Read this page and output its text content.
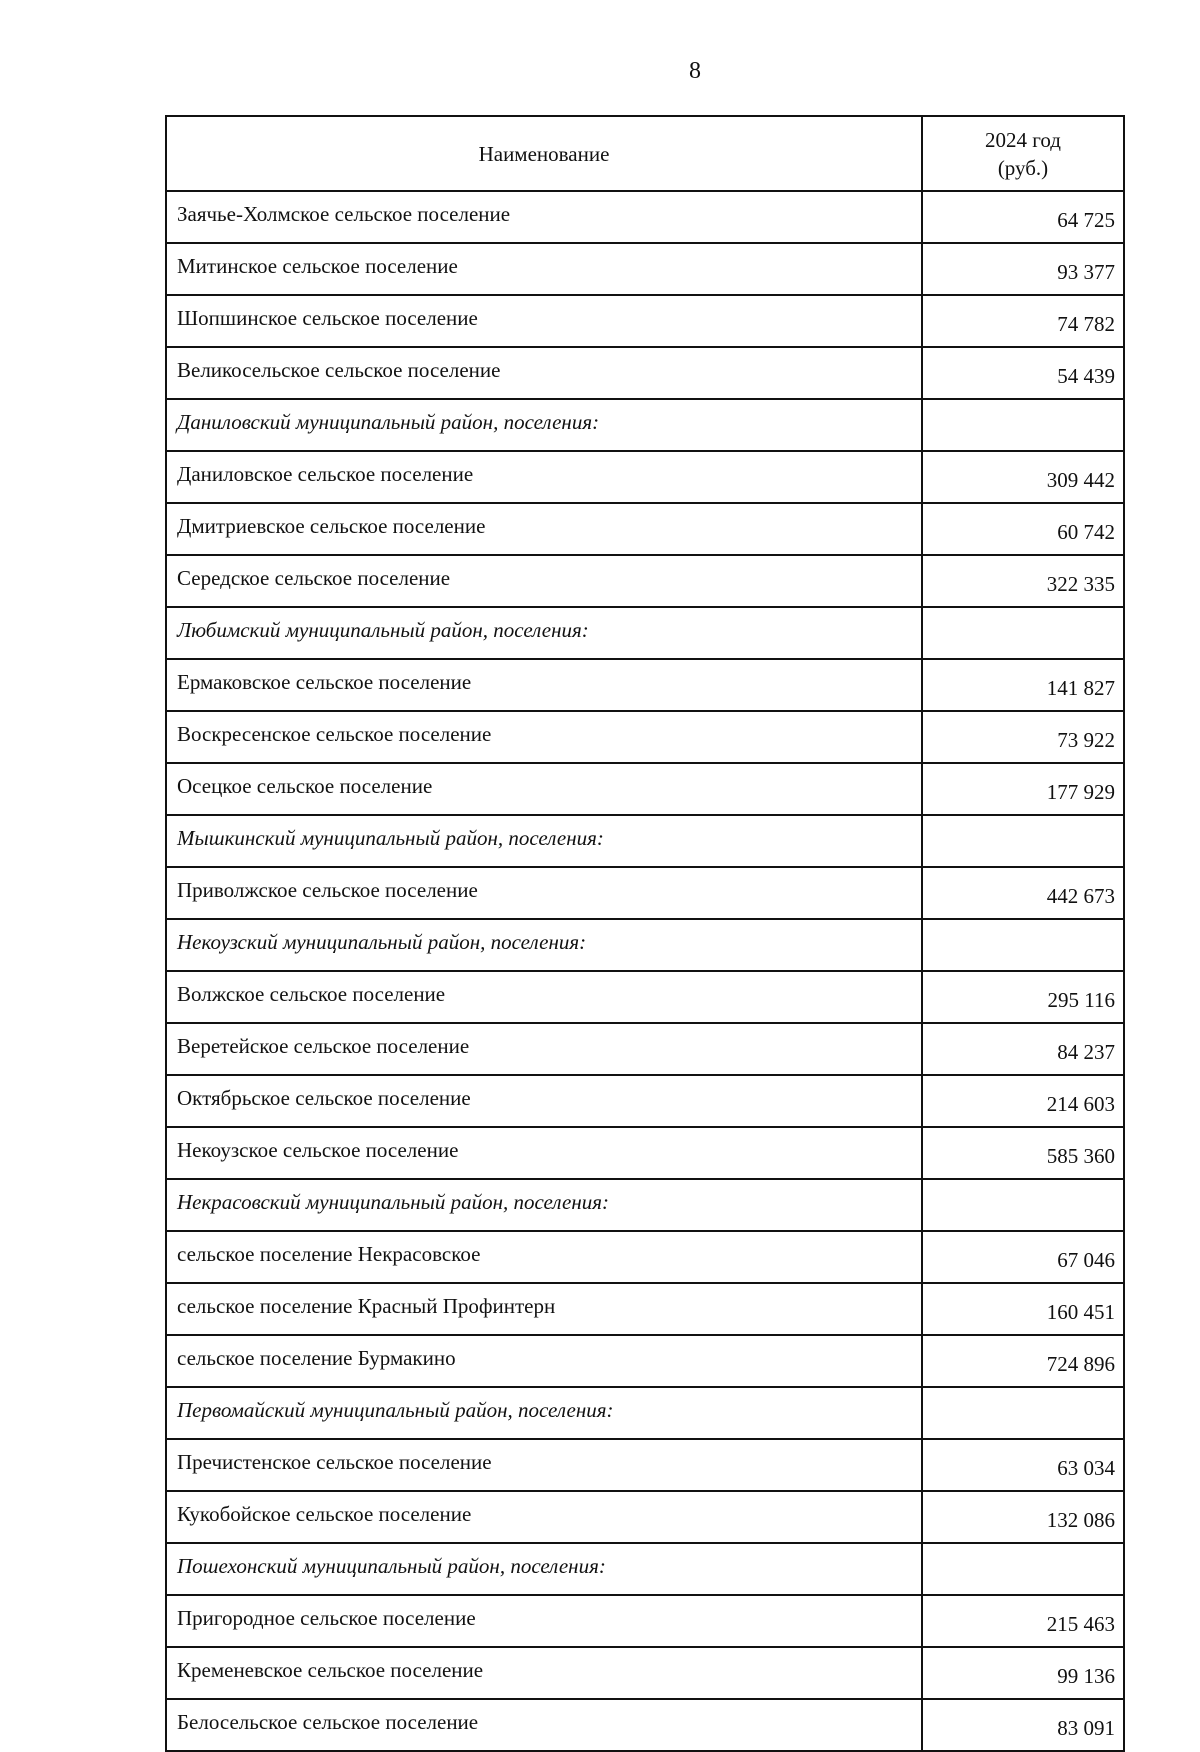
8
Наименование	2024 год
(руб.)
Заячье-Холмское сельское поселение	64 725
Митинское сельское поселение	93 377
Шопшинское сельское поселение	74 782
Великосельское сельское поселение	54 439
Даниловский муниципальный район, поселения:	
Даниловское сельское поселение	309 442
Дмитриевское сельское поселение	60 742
Середское сельское поселение	322 335
Любимский муниципальный район, поселения:	
Ермаковское сельское поселение	141 827
Воскресенское сельское поселение	73 922
Осецкое сельское поселение	177 929
Мышкинский муниципальный район, поселения:	
Приволжское сельское поселение	442 673
Некоузский муниципальный район, поселения:	
Волжское сельское поселение	295 116
Веретейское сельское поселение	84 237
Октябрьское сельское поселение	214 603
Некоузское сельское поселение	585 360
Некрасовский муниципальный район, поселения:	
сельское поселение Некрасовское	67 046
сельское поселение Красный Профинтерн	160 451
сельское поселение Бурмакино	724 896
Первомайский муниципальный район, поселения:	
Пречистенское сельское поселение	63 034
Кукобойское сельское поселение	132 086
Пошехонский муниципальный район, поселения:	
Пригородное сельское поселение	215 463
Кременевское сельское поселение	99 136
Белосельское сельское поселение	83 091
